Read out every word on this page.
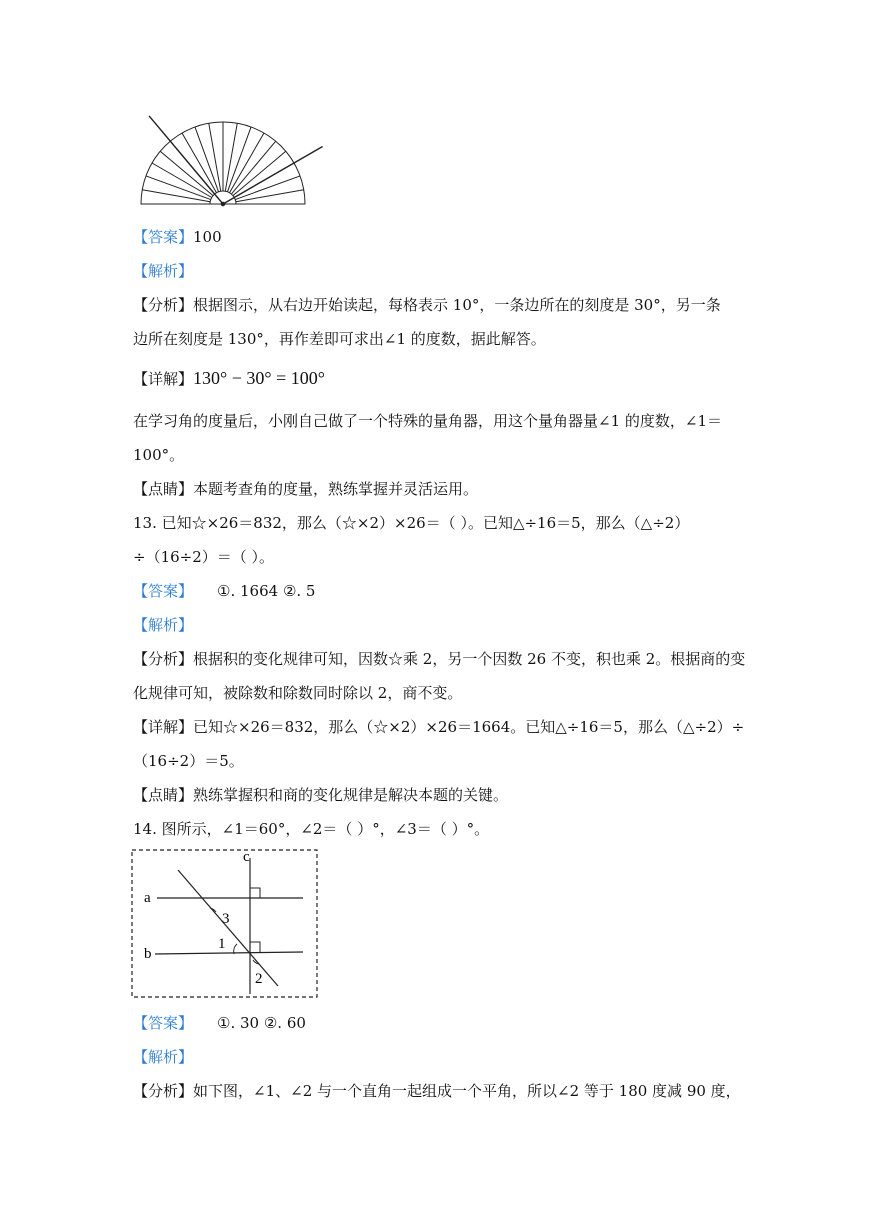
【答案】100
【解析】
【分析】根据图示，从右边开始读起，每格表示 10°，一条边所在的刻度是 30°，另一条
边所在刻度是 130°，再作差即可求出∠1 的度数，据此解答。
【详解】130° − 30° = 100°
在学习角的度量后，小刚自己做了一个特殊的量角器，用这个量角器量∠1 的度数，∠1＝
100°。
【点睛】本题考查角的度量，熟练掌握并灵活运用。
13. 已知☆×26＝832，那么（☆×2）×26＝（ ）。已知△÷16＝5，那么（△÷2）
÷（16÷2）＝（ ）。
【答案】 ①. 1664 ②. 5
【解析】
【分析】根据积的变化规律可知，因数☆乘 2，另一个因数 26 不变，积也乘 2。根据商的变
化规律可知，被除数和除数同时除以 2，商不变。
【详解】已知☆×26＝832，那么（☆×2）×26＝1664。已知△÷16＝5，那么（△÷2）÷
（16÷2）＝5。
【点睛】熟练掌握积和商的变化规律是解决本题的关键。
14. 图所示，∠1＝60°，∠2＝（ ）°，∠3＝（ ）°。
a
b
c
3
1
2
【答案】 ①. 30 ②. 60
【解析】
【分析】如下图，∠1、∠2 与一个直角一起组成一个平角，所以∠2 等于 180 度减 90 度，
